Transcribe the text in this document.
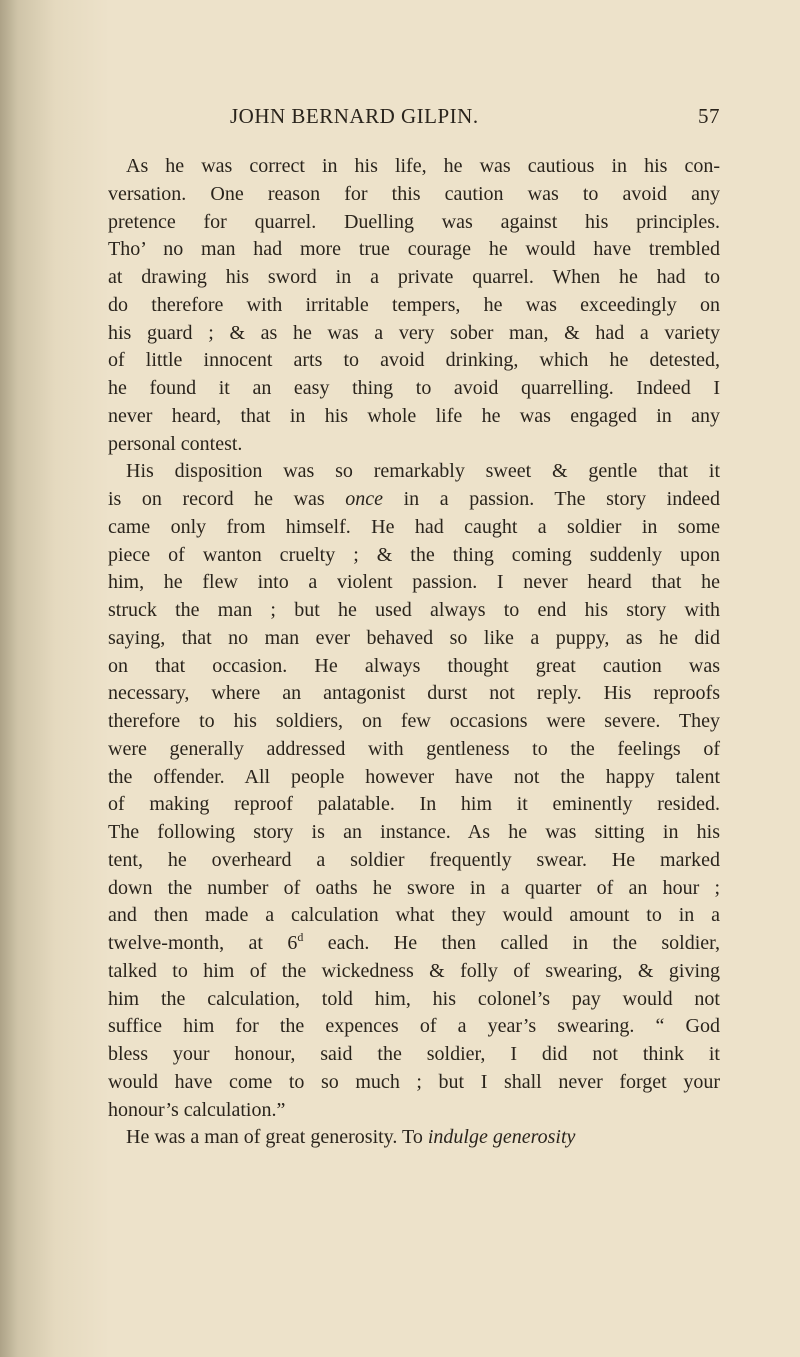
JOHN BERNARD GILPIN.	57
As he was correct in his life, he was cautious in his con-
versation. One reason for this caution was to avoid any
pretence for quarrel. Duelling was against his principles.
Tho’ no man had more true courage he would have trembled
at drawing his sword in a private quarrel. When he had to
do therefore with irritable tempers, he was exceedingly on
his guard ; & as he was a very sober man, & had a variety
of little innocent arts to avoid drinking, which he detested,
he found it an easy thing to avoid quarrelling. Indeed I
never heard, that in his whole life he was engaged in any
personal contest.
His disposition was so remarkably sweet & gentle that it
is on record he was once in a passion. The story indeed
came only from himself. He had caught a soldier in some
piece of wanton cruelty ; & the thing coming suddenly upon
him, he flew into a violent passion. I never heard that he
struck the man ; but he used always to end his story with
saying, that no man ever behaved so like a puppy, as he did
on that occasion. He always thought great caution was
necessary, where an antagonist durst not reply. His reproofs
therefore to his soldiers, on few occasions were severe. They
were generally addressed with gentleness to the feelings of
the offender. All people however have not the happy talent
of making reproof palatable. In him it eminently resided.
The following story is an instance. As he was sitting in his
tent, he overheard a soldier frequently swear. He marked
down the number of oaths he swore in a quarter of an hour ;
and then made a calculation what they would amount to in a
twelve-month, at 6$^d$ each. He then called in the soldier,
talked to him of the wickedness & folly of swearing, & giving
him the calculation, told him, his colonel’s pay would not
suffice him for the expences of a year’s swearing. “ God
bless your honour, said the soldier, I did not think it
would have come to so much ; but I shall never forget your
honour’s calculation.”
He was a man of great generosity. To indulge generosity
